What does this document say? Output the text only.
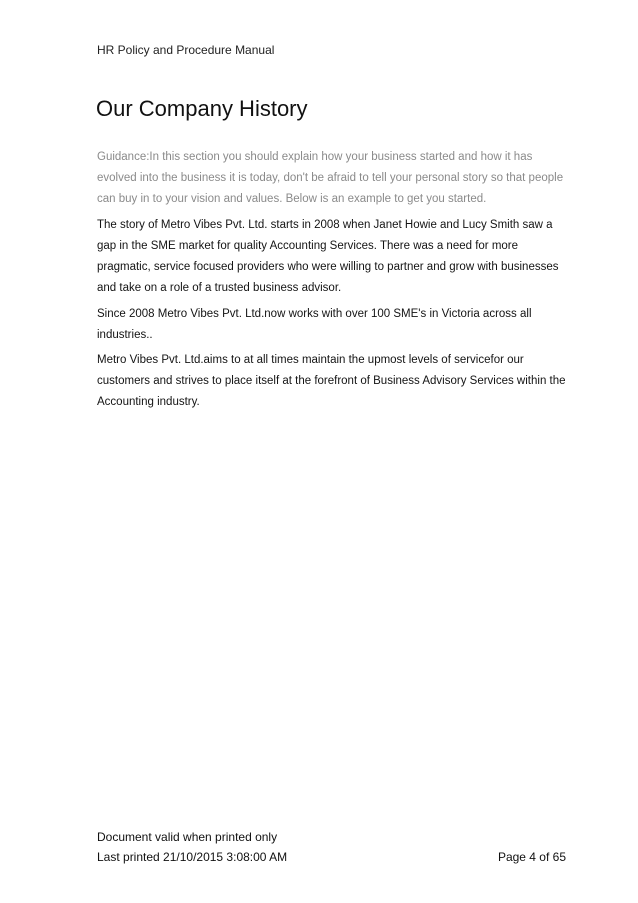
HR Policy and Procedure Manual
Our Company History

Guidance:In this section you should explain how your business started and how it has evolved into the business it is today, don't be afraid to tell your personal story so that people can buy in to your vision and values. Below is an example to get you started.

The story of Metro Vibes Pvt. Ltd. starts in 2008 when Janet Howie and Lucy Smith saw a gap in the SME market for quality Accounting Services. There was a need for more pragmatic, service focused providers who were willing to partner and grow with businesses and take on a role of a trusted business advisor.

Since 2008 Metro Vibes Pvt. Ltd.now works with over 100 SME's in Victoria across all industries..

Metro Vibes Pvt. Ltd.aims to at all times maintain the upmost levels of servicefor our customers and strives to place itself at the forefront of Business Advisory Services within the Accounting industry.

Document valid when printed only
Last printed 21/10/2015 3:08:00 AM	Page 4 of 65
